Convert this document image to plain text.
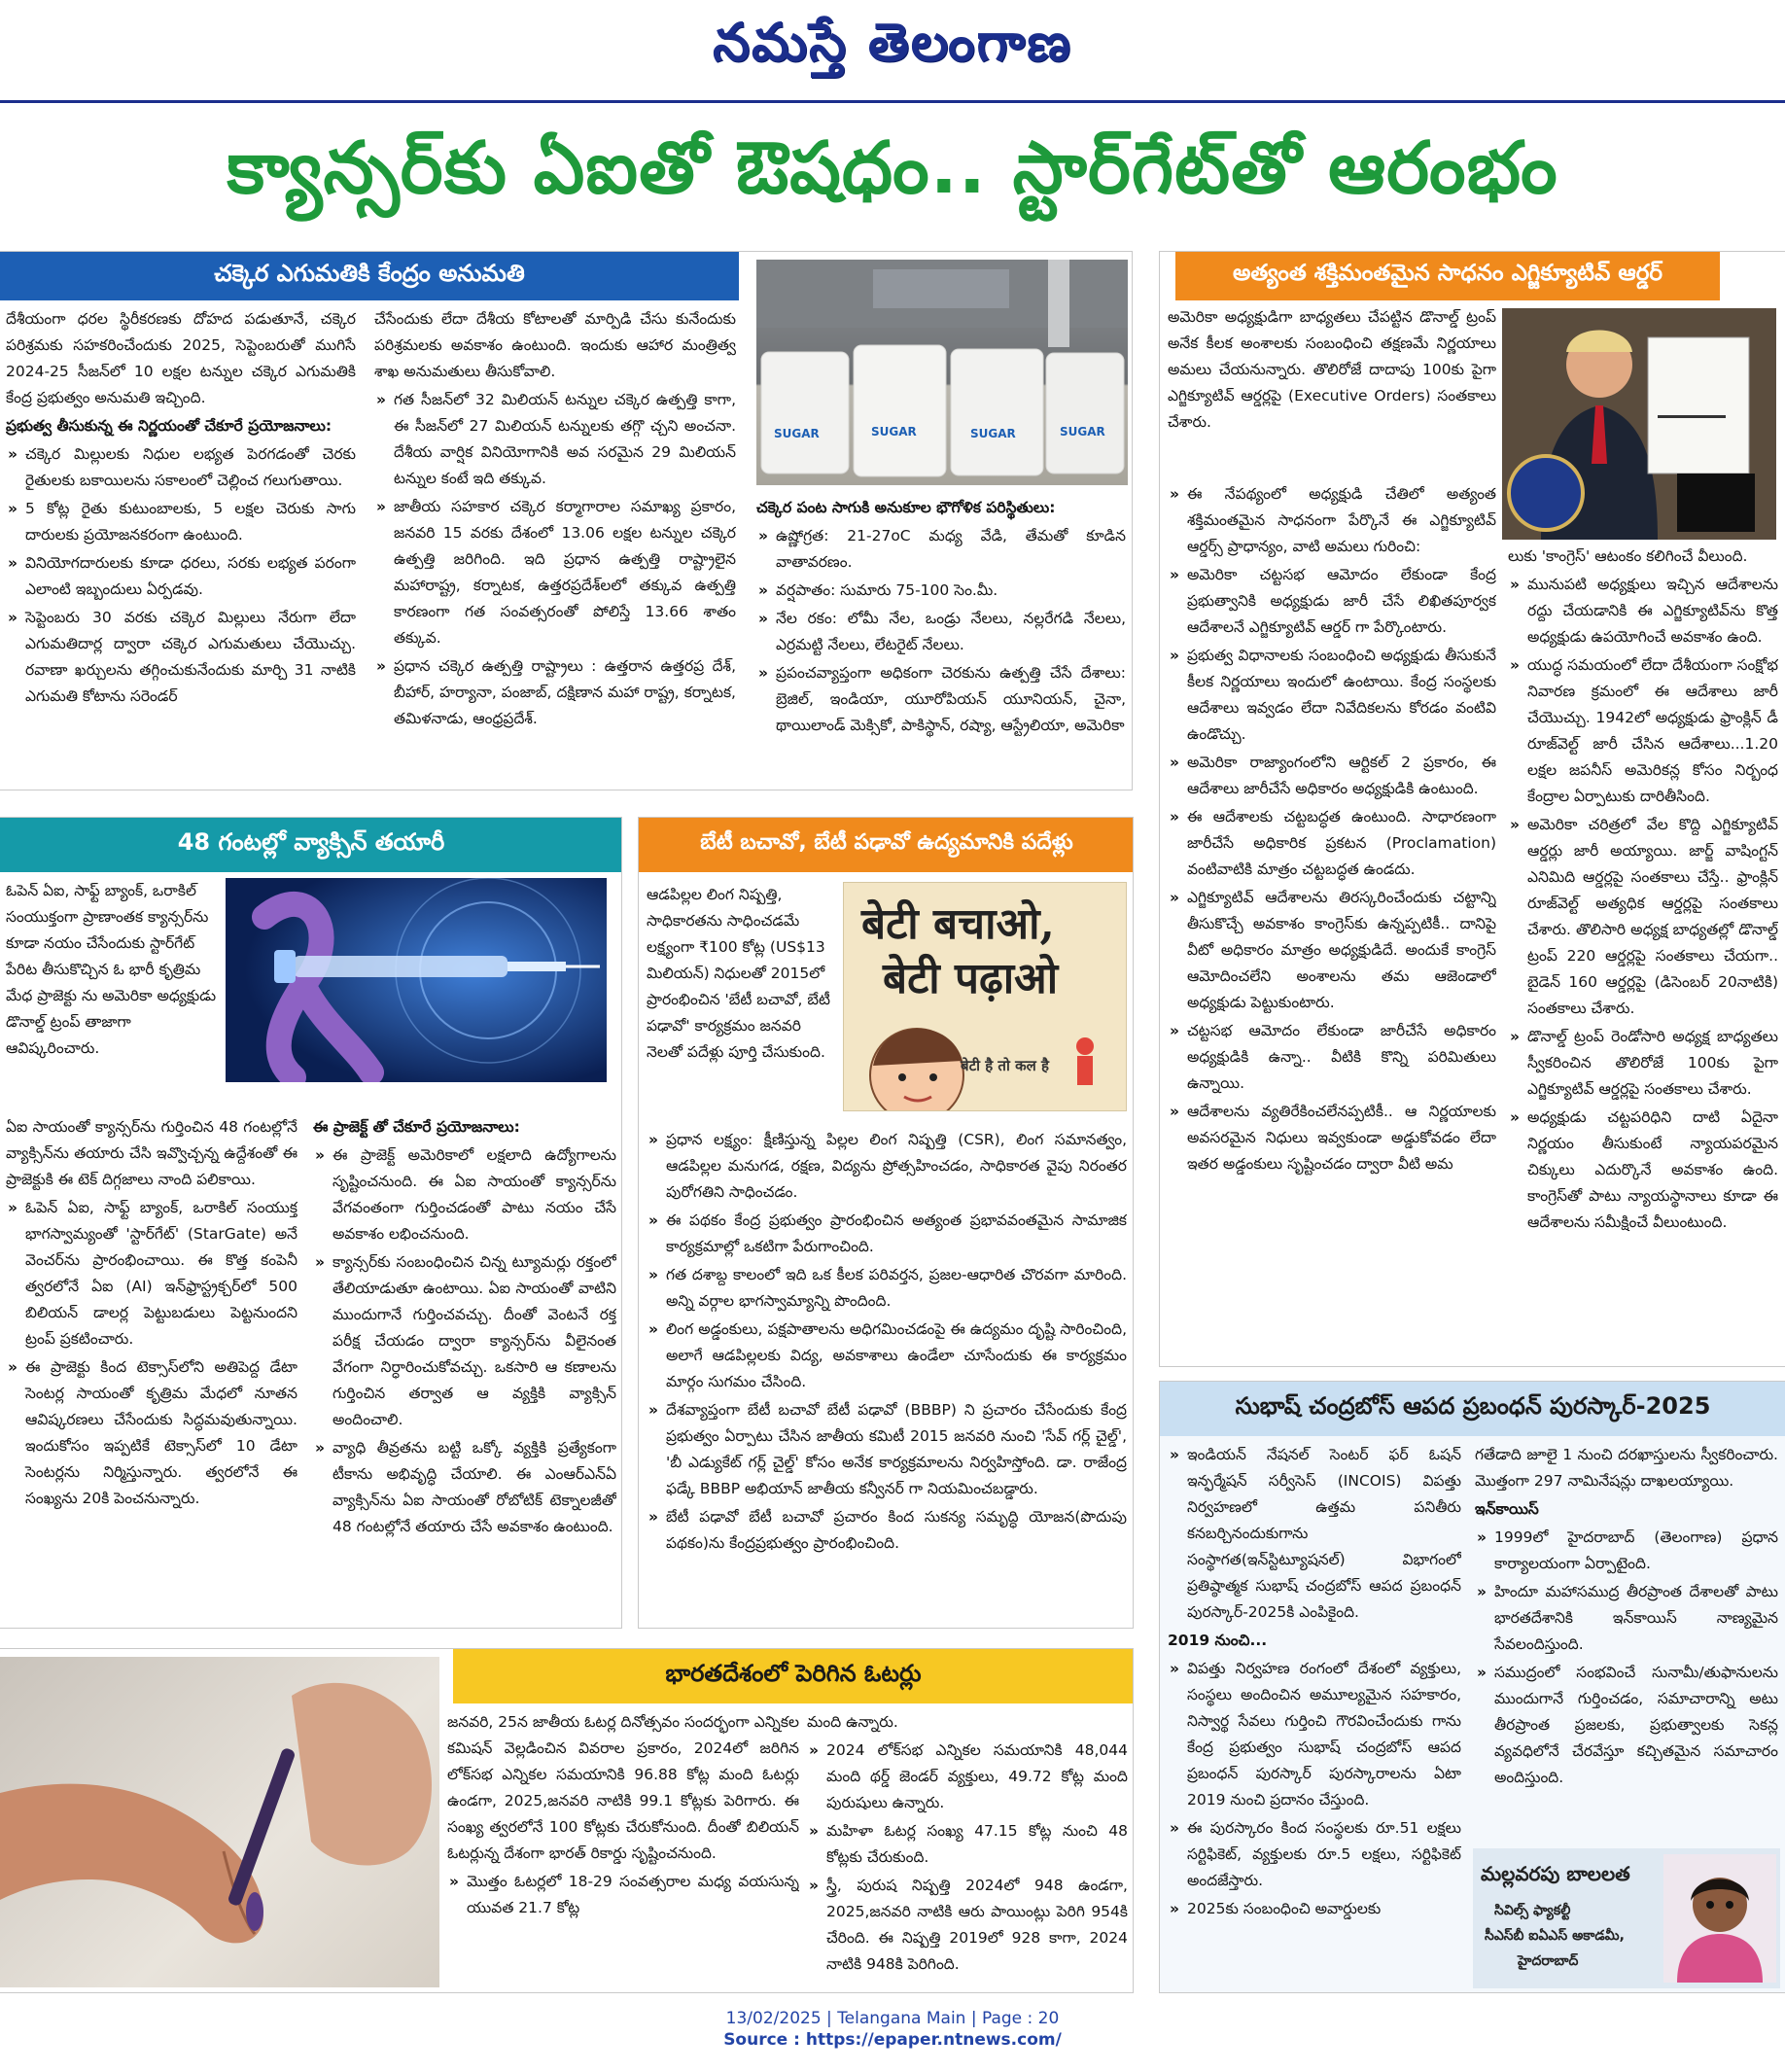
నమస్తే తెలంగాణ
క్యాన్సర్‌కు ఏఐతో ఔషధం.. స్టార్‌గేట్‌తో ఆరంభం
చక్కెర ఎగుమతికి కేంద్రం అనుమతి

దేశీయంగా ధరల స్థిరీకరణకు దోహద పడుతూనే, చక్కెర పరిశ్రమకు సహకరించేందుకు 2025, సెప్టెంబరుతో ముగిసే 2024-25 సీజన్‌లో 10 లక్షల టన్నుల చక్కెర ఎగుమతికి కేంద్ర ప్రభుత్వం అనుమతి ఇచ్చింది.

ప్రభుత్వ తీసుకున్న ఈ నిర్ణయంతో చేకూరే ప్రయోజనాలు:

» చక్కెర మిల్లులకు నిధుల లభ్యత పెరగడంతో చెరకు రైతులకు బకాయిలను సకాలంలో చెల్లించ గలుగుతాయి.

» 5 కోట్ల రైతు కుటుంబాలకు, 5 లక్షల చెరుకు సాగు దారులకు ప్రయోజనకరంగా ఉంటుంది.

» వినియోగదారులకు కూడా ధరలు, సరకు లభ్యత పరంగా ఎలాంటి ఇబ్బందులు ఏర్పడవు.

» సెప్టెంబరు 30 వరకు చక్కెర మిల్లులు నేరుగా లేదా ఎగుమతిదార్ల ద్వారా చక్కెర ఎగుమతులు చేయొచ్చు. రవాణా ఖర్చులను తగ్గించుకునేందుకు మార్చి 31 నాటికి ఎగుమతి కోటాను సరెండర్

చేసేందుకు లేదా దేశీయ కోటాలతో మార్పిడి చేసు కునేందుకు పరిశ్రమలకు అవకాశం ఉంటుంది. ఇందుకు ఆహార మంత్రిత్వ శాఖ అనుమతులు తీసుకోవాలి.

» గత సీజన్‌లో 32 మిలియన్ టన్నుల చక్కెర ఉత్పత్తి కాగా, ఈ సీజన్‌లో 27 మిలియన్ టన్నులకు తగ్గొ చ్చని అంచనా. దేశీయ వార్షిక వినియోగానికి అవ సరమైన 29 మిలియన్ టన్నుల కంటే ఇది తక్కువ.

» జాతీయ సహకార చక్కెర కర్మాగారాల సమాఖ్య ప్రకారం, జనవరి 15 వరకు దేశంలో 13.06 లక్షల టన్నుల చక్కెర ఉత్పత్తి జరిగింది. ఇది ప్రధాన ఉత్పత్తి రాష్ట్రాలైన మహారాష్ట్ర, కర్నాటక, ఉత్తరప్రదేశ్‌లలో తక్కువ ఉత్పత్తి కారణంగా గత సంవత్సరంతో పోలిస్తే 13.66 శాతం తక్కువ.

» ప్రధాన చక్కెర ఉత్పత్తి రాష్ట్రాలు : ఉత్తరాన ఉత్తరప్ర దేశ్, బీహార్, హర్యానా, పంజాబ్, దక్షిణాన మహా రాష్ట్ర, కర్నాటక, తమిళనాడు, ఆంధ్రప్రదేశ్.

SUGAR	SUGAR	SUGAR	SUGAR

చక్కెర పంట సాగుకి అనుకూల భౌగోళిక పరిస్థితులు:

» ఉష్ణోగ్రత: 21-27oC మధ్య వేడి, తేమతో కూడిన వాతావరణం.

» వర్షపాతం: సుమారు 75-100 సెం.మీ.

» నేల రకం: లోమీ నేల, ఒండ్రు నేలలు, నల్లరేగడి నేలలు, ఎర్రమట్టి నేలలు, లేటరైట్ నేలలు.

» ప్రపంచవ్యాప్తంగా అధికంగా చెరకును ఉత్పత్తి చేసే దేశాలు: బ్రెజిల్, ఇండియా, యూరోపియన్ యూనియన్, చైనా, థాయిలాండ్ మెక్సికో, పాకిస్థాన్, రష్యా, ఆస్ట్రేలియా, అమెరికా

48 గంటల్లో వ్యాక్సిన్ తయారీ

ఓపెన్ ఏఐ, సాఫ్ట్ బ్యాంక్, ఒరాకిల్ సంయుక్తంగా ప్రాణాంతక క్యాన్సర్‌ను కూడా నయం చేసేందుకు స్టార్‌గేట్ పేరిట తీసుకొచ్చిన ఓ భారీ కృత్రిమ మేధ ప్రాజెక్టు ను అమెరికా అధ్యక్షుడు డొనాల్డ్ ట్రంప్ తాజాగా ఆవిష్కరించారు.

ఏఐ సాయంతో క్యాన్సర్‌ను గుర్తించిన 48 గంటల్లోనే వ్యాక్సిన్‌ను తయారు చేసి ఇవ్వొచ్చన్న ఉద్దేశంతో ఈ ప్రాజెక్టుకి ఈ టెక్ దిగ్గజాలు నాంది పలికాయి.

» ఓపెన్ ఏఐ, సాఫ్ట్ బ్యాంక్, ఒరాకిల్ సంయుక్త భాగస్వామ్యంతో 'స్టార్‌గేట్' (StarGate) అనే వెంచర్‌ను ప్రారంభించాయి. ఈ కొత్త కంపెనీ త్వరలోనే ఏఐ (AI) ఇన్‌ఫ్రాస్ట్రక్చర్‌లో 500 బిలియన్ డాలర్ల పెట్టుబడులు పెట్టనుందని ట్రంప్ ప్రకటించారు.

» ఈ ప్రాజెక్టు కింద టెక్సాస్‌లోని అతిపెద్ద డేటా సెంటర్ల సాయంతో కృత్రిమ మేధలో నూతన ఆవిష్కరణలు చేసేందుకు సిద్ధమవుతున్నాయి. ఇందుకోసం ఇప్పటికే టెక్సాస్‌లో 10 డేటా సెంటర్లను నిర్మిస్తున్నారు. త్వరలోనే ఈ సంఖ్యను 20కి పెంచనున్నారు.

ఈ ప్రాజెక్ట్ తో చేకూరే ప్రయోజనాలు:

» ఈ ప్రాజెక్ట్ అమెరికాలో లక్షలాది ఉద్యోగాలను సృష్టించనుంది. ఈ ఏఐ సాయంతో క్యాన్సర్‌ను వేగవంతంగా గుర్తించడంతో పాటు నయం చేసే అవకాశం లభించనుంది.

» క్యాన్సర్‌కు సంబంధించిన చిన్న ట్యూమర్లు రక్తంలో తేలియాడుతూ ఉంటాయి. ఏఐ సాయంతో వాటిని ముందుగానే గుర్తించవచ్చు. దీంతో వెంటనే రక్త పరీక్ష చేయడం ద్వారా క్యాన్సర్‌ను వీలైనంత వేగంగా నిర్ధారించుకోవచ్చు. ఒకసారి ఆ కణాలను గుర్తించిన తర్వాత ఆ వ్యక్తికి వ్యాక్సిన్ అందించాలి.

» వ్యాధి తీవ్రతను బట్టి ఒక్కో వ్యక్తికి ప్రత్యేకంగా టీకాను అభివృద్ధి చేయాలి. ఈ ఎంఆర్ఎన్ఏ వ్యాక్సిన్‌ను ఏఐ సాయంతో రోబోటిక్ టెక్నాలజీతో 48 గంటల్లోనే తయారు చేసే అవకాశం ఉంటుంది.

బేటీ బచావో, బేటీ పఢావో ఉద్యమానికి పదేళ్లు
बेटी बचाओ,
बेटी पढ़ाओ
बेटी है तो कल है

ఆడపిల్లల లింగ నిష్పత్తి, సాధికారతను సాధించడమే లక్ష్యంగా ₹100 కోట్ల (US$13 మిలియన్) నిధులతో 2015లో ప్రారంభించిన 'బేటీ బచావో, బేటీ పఢావో' కార్యక్రమం జనవరి నెలతో పదేళ్లు పూర్తి చేసుకుంది.

» ప్రధాన లక్ష్యం: క్షీణిస్తున్న పిల్లల లింగ నిష్పత్తి (CSR), లింగ సమానత్వం, ఆడపిల్లల మనుగడ, రక్షణ, విద్యను ప్రోత్సహించడం, సాధికారత వైపు నిరంతర పురోగతిని సాధించడం.

» ఈ పథకం కేంద్ర ప్రభుత్వం ప్రారంభించిన అత్యంత ప్రభావవంతమైన సామాజిక కార్యక్రమాల్లో ఒకటిగా పేరుగాంచింది.

» గత దశాబ్ద కాలంలో ఇది ఒక కీలక పరివర్తన, ప్రజల-ఆధారిత చొరవగా మారింది. అన్ని వర్గాల భాగస్వామ్యాన్ని పొందింది.

» లింగ అడ్డంకులు, పక్షపాతాలను అధిగమించడంపై ఈ ఉద్యమం దృష్టి సారించింది, అలాగే ఆడపిల్లలకు విద్య, అవకాశాలు ఉండేలా చూసేందుకు ఈ కార్యక్రమం మార్గం సుగమం చేసింది.

» దేశవ్యాప్తంగా బేటీ బచావో బేటీ పఢావో (BBBP) ని ప్రచారం చేసేందుకు కేంద్ర ప్రభుత్వం ఏర్పాటు చేసిన జాతీయ కమిటీ 2015 జనవరి నుంచి 'సేవ్ గర్ల్ చైల్డ్', 'బీ ఎడ్యుకేట్ గర్ల్ చైల్డ్' కోసం అనేక కార్యక్రమాలను నిర్వహిస్తోంది. డా. రాజేంద్ర ఫడ్కే BBBP అభియాన్ జాతీయ కన్వీనర్ గా నియమించబడ్డారు.

» బేటీ పఢావో బేటీ బచావో ప్రచారం కింద సుకన్య సమృద్ధి యోజన(పొదుపు పథకం)ను కేంద్రప్రభుత్వం ప్రారంభించింది.

భారతదేశంలో పెరిగిన ఓటర్లు

జనవరి, 25న జాతీయ ఓటర్ల దినోత్సవం సందర్భంగా ఎన్నికల కమిషన్ వెల్లడించిన వివరాల ప్రకారం, 2024లో జరిగిన లోక్‌సభ ఎన్నికల సమయానికి 96.88 కోట్ల మంది ఓటర్లు ఉండగా, 2025,జనవరి నాటికి 99.1 కోట్లకు పెరిగారు. ఈ సంఖ్య త్వరలోనే 100 కోట్లకు చేరుకోనుంది. దీంతో బిలియన్ ఓటర్లున్న దేశంగా భారత్ రికార్డు సృష్టించనుంది.

» మొత్తం ఓటర్లలో 18-29 సంవత్సరాల మధ్య వయసున్న యువత 21.7 కోట్ల

మంది ఉన్నారు.

» 2024 లోక్‌సభ ఎన్నికల సమయానికి 48,044 మంది థర్డ్ జెండర్ వ్యక్తులు, 49.72 కోట్ల మంది పురుషులు ఉన్నారు.

» మహిళా ఓటర్ల సంఖ్య 47.15 కోట్ల నుంచి 48 కోట్లకు చేరుకుంది.

» స్త్రీ, పురుష నిష్పత్తి 2024లో 948 ఉండగా, 2025,జనవరి నాటికి ఆరు పాయింట్లు పెరిగి 954కి చేరింది. ఈ నిష్పత్తి 2019లో 928 కాగా, 2024 నాటికి 948కి పెరిగింది.

అత్యంత శక్తిమంతమైన సాధనం ఎగ్జిక్యూటివ్ ఆర్డర్

అమెరికా అధ్యక్షుడిగా బాధ్యతలు చేపట్టిన డొనాల్డ్ ట్రంప్ అనేక కీలక అంశాలకు సంబంధించి తక్షణమే నిర్ణయాలు అమలు చేయనున్నారు. తొలిరోజే దాదాపు 100కు పైగా ఎగ్జిక్యూటివ్ ఆర్డర్లపై (Executive Orders) సంతకాలు చేశారు.

» ఈ నేపథ్యంలో అధ్యక్షుడి చేతిలో అత్యంత శక్తిమంతమైన సాధనంగా పేర్కొనే ఈ ఎగ్జిక్యూటివ్ ఆర్డర్స్ ప్రాధాన్యం, వాటి అమలు గురించి:

» అమెరికా చట్టసభ ఆమోదం లేకుండా కేంద్ర ప్రభుత్వానికి అధ్యక్షుడు జారీ చేసే లిఖితపూర్వక ఆదేశాలనే ఎగ్జిక్యూటివ్ ఆర్డర్ గా పేర్కొంటారు.

» ప్రభుత్వ విధానాలకు సంబంధించి అధ్యక్షుడు తీసుకునే కీలక నిర్ణయాలు ఇందులో ఉంటాయి. కేంద్ర సంస్థలకు ఆదేశాలు ఇవ్వడం లేదా నివేదికలను కోరడం వంటివి ఉండొచ్చు.

» అమెరికా రాజ్యాంగంలోని ఆర్టికల్ 2 ప్రకారం, ఈ ఆదేశాలు జారీచేసే అధికారం అధ్యక్షుడికి ఉంటుంది.

» ఈ ఆదేశాలకు చట్టబద్ధత ఉంటుంది. సాధారణంగా జారీచేసే అధికారిక ప్రకటన (Proclamation) వంటివాటికి మాత్రం చట్టబద్ధత ఉండదు.

» ఎగ్జిక్యూటివ్ ఆదేశాలను తిరస్కరించేందుకు చట్టాన్ని తీసుకొచ్చే అవకాశం కాంగ్రెస్‌కు ఉన్నప్పటికీ.. దానిపై వీటో అధికారం మాత్రం అధ్యక్షుడిదే. అందుకే కాంగ్రెస్ ఆమోదించలేని అంశాలను తమ ఆజెండాలో అధ్యక్షుడు పెట్టుకుంటారు.

» చట్టసభ ఆమోదం లేకుండా జారీచేసే అధికారం అధ్యక్షుడికి ఉన్నా.. వీటికి కొన్ని పరిమితులు ఉన్నాయి.

» ఆదేశాలను వ్యతిరేకించలేనప్పటికీ.. ఆ నిర్ణయాలకు అవసరమైన నిధులు ఇవ్వకుండా అడ్డుకోవడం లేదా ఇతర అడ్డంకులు సృష్టించడం ద్వారా వీటి అమ

లుకు 'కాంగ్రెస్' ఆటంకం కలిగించే వీలుంది.

» మునుపటి అధ్యక్షులు ఇచ్చిన ఆదేశాలను రద్దు చేయడానికి ఈ ఎగ్జిక్యూటివ్‌ను కొత్త అధ్యక్షుడు ఉపయోగించే అవకాశం ఉంది.

» యుద్ధ సమయంలో లేదా దేశీయంగా సంక్షోభ నివారణ క్రమంలో ఈ ఆదేశాలు జారీ చేయొచ్చు. 1942లో అధ్యక్షుడు ఫ్రాంక్లిన్ డీ రూజ్‌వెల్ట్ జారీ చేసిన ఆదేశాలు...1.20 లక్షల జపనీస్ అమెరికన్ల కోసం నిర్బంధ కేంద్రాల ఏర్పాటుకు దారితీసింది.

» అమెరికా చరిత్రలో వేల కొద్ది ఎగ్జిక్యూటివ్ ఆర్డర్లు జారీ అయ్యాయి. జార్జ్ వాషింగ్టన్ ఎనిమిది ఆర్డర్లపై సంతకాలు చేస్తే.. ఫ్రాంక్లిన్ రూజ్‌వెల్ట్ అత్యధిక ఆర్డర్లపై సంతకాలు చేశారు. తొలిసారి అధ్యక్ష బాధ్యతల్లో డొనాల్డ్ ట్రంప్ 220 ఆర్డర్లపై సంతకాలు చేయగా.. బైడెన్ 160 ఆర్డర్లపై (డిసెంబర్ 20నాటికి) సంతకాలు చేశారు.

» డొనాల్డ్ ట్రంప్ రెండోసారి అధ్యక్ష బాధ్యతలు స్వీకరించిన తొలిరోజే 100కు పైగా ఎగ్జిక్యూటివ్ ఆర్డర్లపై సంతకాలు చేశారు.

» అధ్యక్షుడు చట్టపరిధిని దాటి ఏదైనా నిర్ణయం తీసుకుంటే న్యాయపరమైన చిక్కులు ఎదుర్కొనే అవకాశం ఉంది. కాంగ్రెస్‌తో పాటు న్యాయస్థానాలు కూడా ఈ ఆదేశాలను సమీక్షించే వీలుంటుంది.

సుభాష్ చంద్రబోస్ ఆపద ప్రబంధన్ పురస్కార్-2025

» ఇండియన్ నేషనల్ సెంటర్ ఫర్ ఓషన్ ఇన్ఫర్మేషన్ సర్వీసెస్ (INCOIS) విపత్తు నిర్వహణలో ఉత్తమ పనితీరు కనబర్చినందుకుగాను సంస్థాగత(ఇన్‌స్టిట్యూషనల్) విభాగంలో ప్రతిష్ఠాత్మక సుభాష్ చంద్రబోస్ ఆపద ప్రబంధన్ పురస్కార్-2025కి ఎంపికైంది.

2019 నుంచి...

» విపత్తు నిర్వహణ రంగంలో దేశంలో వ్యక్తులు, సంస్థలు అందించిన అమూల్యమైన సహకారం, నిస్వార్థ సేవలు గుర్తించి గౌరవించేందుకు గాను కేంద్ర ప్రభుత్వం సుభాష్ చంద్రబోస్ ఆపద ప్రబంధన్ పురస్కార్ పురస్కారాలను ఏటా 2019 నుంచి ప్రదానం చేస్తుంది.

» ఈ పురస్కారం కింద సంస్థలకు రూ.51 లక్షలు సర్టిఫికెట్, వ్యక్తులకు రూ.5 లక్షలు, సర్టిఫికెట్ అందజేస్తారు.

» 2025కు సంబంధించి అవార్డులకు

గతేడాది జూలై 1 నుంచి దరఖాస్తులను స్వీకరించారు. మొత్తంగా 297 నామినేషన్లు దాఖలయ్యాయి.

ఇన్‌కాయిస్

» 1999లో హైదరాబాద్ (తెలంగాణ) ప్రధాన కార్యాలయంగా ఏర్పాటైంది.

» హిందూ మహాసముద్ర తీరప్రాంత దేశాలతో పాటు భారతదేశానికి ఇన్‌కాయిస్ నాణ్యమైన సేవలందిస్తుంది.

» సముద్రంలో సంభవించే సునామీ/తుఫానులను ముందుగానే గుర్తించడం, సమాచారాన్ని అటు తీరప్రాంత ప్రజలకు, ప్రభుత్వాలకు సెకన్ల వ్యవధిలోనే చేరవేస్తూ కచ్చితమైన సమాచారం అందిస్తుంది.

మల్లవరపు బాలలత
సివిల్స్ ఫ్యాకల్టీ
సీఎస్‌బీ ఐఏఎస్ అకాడమీ,
హైదరాబాద్
13/02/2025 | Telangana Main | Page : 20
Source : https://epaper.ntnews.com/
